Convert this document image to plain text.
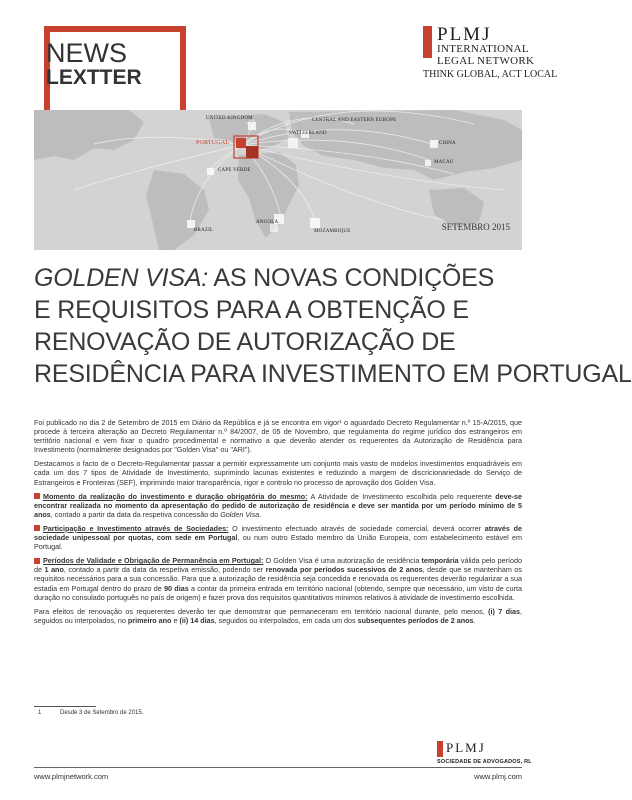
NEWS
LEXTTER
PLMJ
INTERNATIONAL
LEGAL NETWORK
THINK GLOBAL, ACT LOCAL
UNITED KINGDOM	CENTRAL AND EASTERN EUROPE
PORTUGAL
SWITZERLAND
CHINA
MACAU
CAPE VERDE
BRAZIL
ANGOLA
MOZAMBIQUE	SETEMBRO 2015
GOLDEN VISA: AS NOVAS CONDIÇÕES
E REQUISITOS PARA A OBTENÇÃO E
RENOVAÇÃO DE AUTORIZAÇÃO DE
RESIDÊNCIA PARA INVESTIMENTO EM PORTUGAL

Foi publicado no dia 2 de Setembro de 2015 em Diário da República e já se encontra em vigor¹ o aguardado Decreto Regulamentar n.º 15-A/2015, que procede à terceira alteração ao Decreto Regulamentar n.º 84/2007, de 05 de Novembro, que regulamenta do regime jurídico dos estrangeiros em território nacional e vem fixar o quadro procedimental e normativo a que deverão atender os requerentes da Autorização de Residência para Investimento (normalmente designados por "Golden Visa" ou "ARI").

Destacamos o facto de o Decreto-Regulamentar passar a permitir expressamente um conjunto mais vasto de modelos investimentos enquadráveis em cada um dos 7 tipos de Atividade de Investimento, suprimindo lacunas existentes e reduzindo a margem de discricionariedade do Serviço de Estrangeiros e Fronteiras (SEF), imprimindo maior transparência, rigor e controlo no processo de aprovação dos Golden Visa.

Momento da realização do investimento e duração obrigatória do mesmo: A Atividade de Investimento escolhida pelo requerente deve-se encontrar realizada no momento da apresentação do pedido de autorização de residência e deve ser mantida por um período mínimo de 5 anos, contado a partir da data da respetiva concessão do Golden Visa.

Participação e Investimento através de Sociedades: O investimento efectuado através de sociedade comercial, deverá ocorrer através de sociedade unipessoal por quotas, com sede em Portugal, ou num outro Estado membro da União Europeia, com estabelecimento estável em Portugal.

Períodos de Validade e Obrigação de Permanência em Portugal: O Golden Visa é uma autorização de residência temporária válida pelo período de 1 ano, contado a partir da data da respetiva emissão, podendo ser renovada por períodos sucessivos de 2 anos, desde que se mantenham os requisitos necessários para a sua concessão. Para que a autorização de residência seja concedida e renovada os requerentes deverão regularizar a sua estadia em Portugal dentro do prazo de 90 dias a contar da primeira entrada em território nacional (obtendo, sempre que necessário, um visto de curta duração no consulado português no país de origem) e fazer prova dos requisitos quantitativos mínimos relativos à atividade de investimento escolhida.

Para efeitos de renovação os requerentes deverão ter que demonstrar que permaneceram em território nacional durante, pelo menos, (i) 7 dias, seguidos ou interpolados, no primeiro ano e (ii) 14 dias, seguidos ou interpolados, em cada um dos subsequentes períodos de 2 anos.

1	Desde 3 de Setembro de 2015.
PLMJ
SOCIEDADE DE ADVOGADOS, RL
www.plmjnetwork.com	www.plmj.com
